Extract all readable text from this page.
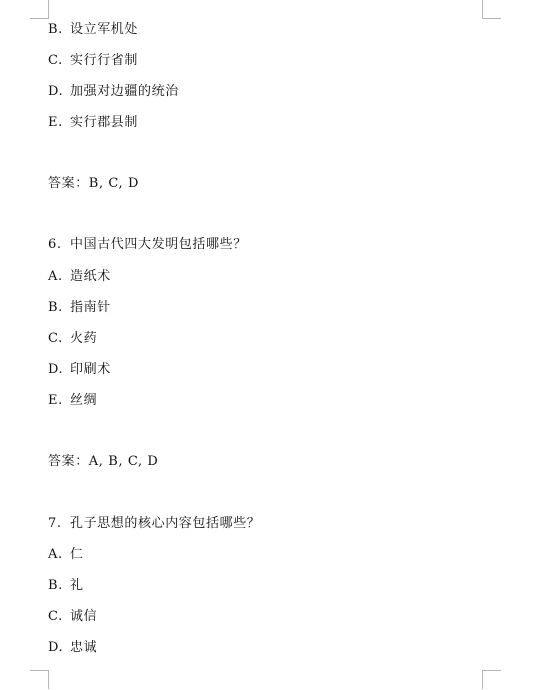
B. 设立军机处
C. 实行行省制
D. 加强对边疆的统治
E. 实行郡县制
答案：B, C, D
6. 中国古代四大发明包括哪些？
A. 造纸术
B. 指南针
C. 火药
D. 印刷术
E. 丝绸
答案：A, B, C, D
7. 孔子思想的核心内容包括哪些？
A. 仁
B. 礼
C. 诚信
D. 忠诚
